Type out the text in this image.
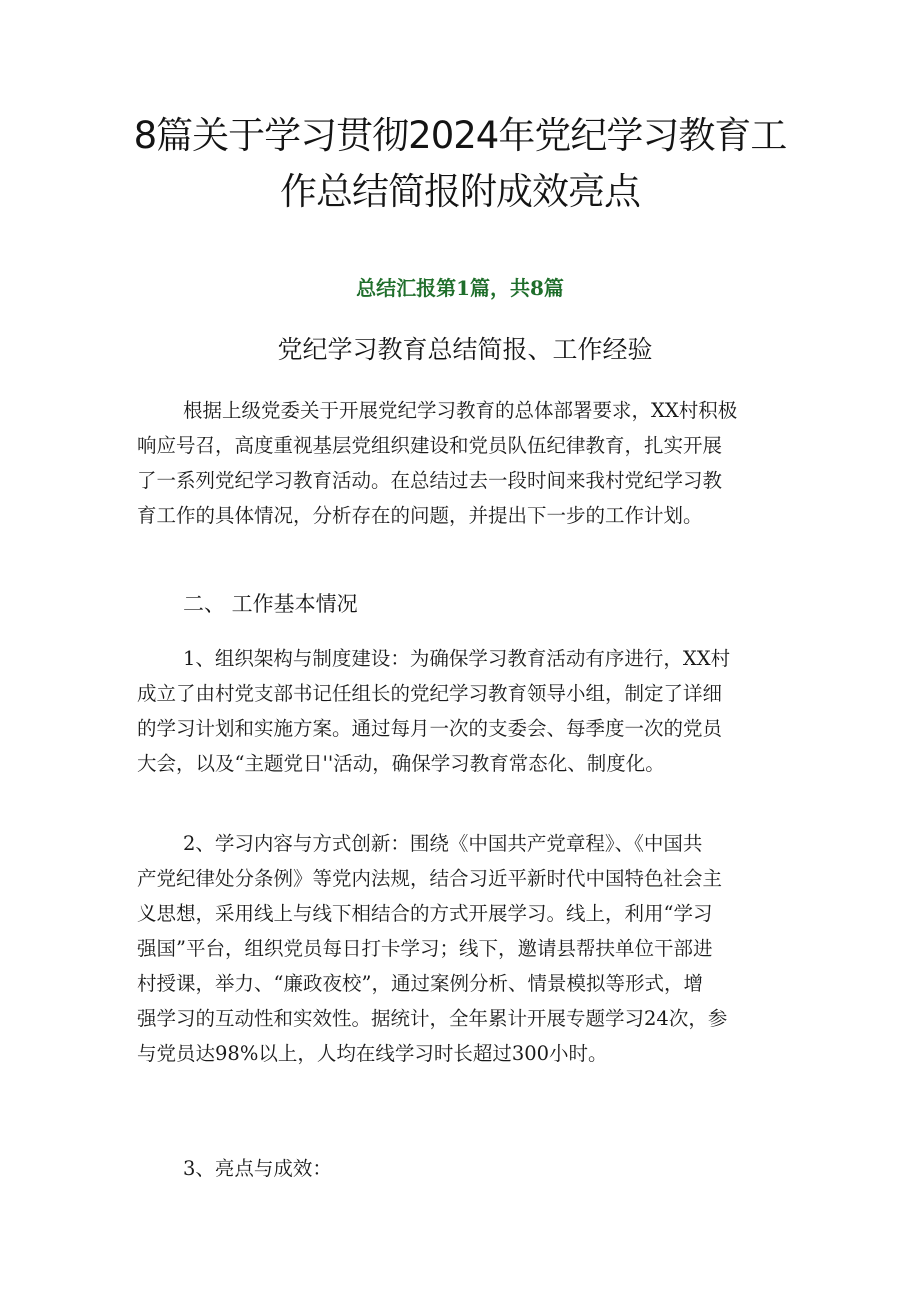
8篇关于学习贯彻2024年党纪学习教育工
作总结简报附成效亮点
总结汇报第1篇，共8篇
党纪学习教育总结简报、工作经验
根据上级党委关于开展党纪学习教育的总体部署要求，XX村积极
响应号召，高度重视基层党组织建设和党员队伍纪律教育，扎实开展
了一系列党纪学习教育活动。在总结过去一段时间来我村党纪学习教
育工作的具体情况，分析存在的问题，并提出下一步的工作计划。
二、 工作基本情况
1、组织架构与制度建设：为确保学习教育活动有序进行，XX村
成立了由村党支部书记任组长的党纪学习教育领导小组，制定了详细
的学习计划和实施方案。通过每月一次的支委会、每季度一次的党员
大会，以及“主题党日''活动，确保学习教育常态化、制度化。
2、学习内容与方式创新：围绕《中国共产党章程》、《中国共
产党纪律处分条例》等党内法规，结合习近平新时代中国特色社会主
义思想，采用线上与线下相结合的方式开展学习。线上，利用“学习
强国”平台，组织党员每日打卡学习；线下，邀请县帮扶单位干部进
村授课，举力、“廉政夜校”，通过案例分析、情景模拟等形式，增
强学习的互动性和实效性。据统计，全年累计开展专题学习24次，参
与党员达98%以上，人均在线学习时长超过300小时。
3、亮点与成效：
